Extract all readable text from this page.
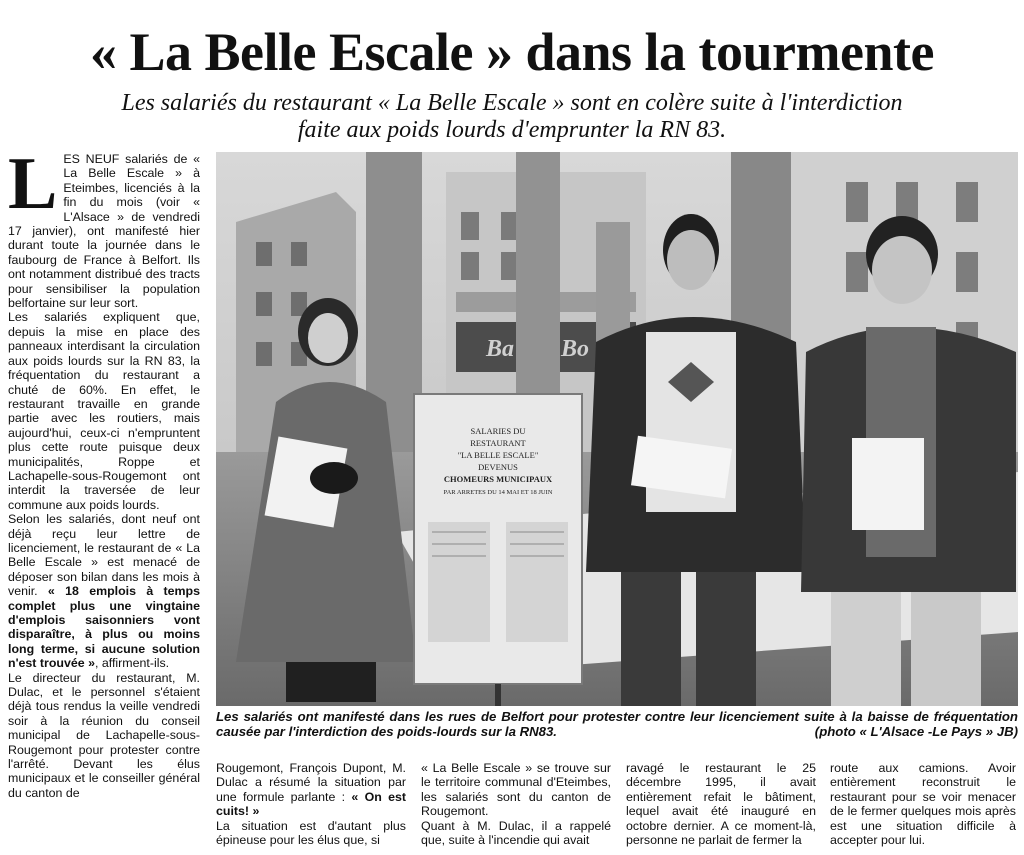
« La Belle Escale » dans la tourmente
Les salariés du restaurant « La Belle Escale » sont en colère suite à l'interdiction
faite aux poids lourds d'emprunter la RN 83.
L ES NEUF salariés de « La Belle Escale » à Eteimbes, licenciés à la fin du mois (voir « L'Alsace » de vendredi 17 janvier), ont manifesté hier durant toute la journée dans le faubourg de France à Belfort. Ils ont notamment distribué des tracts pour sensibiliser la population belfortaine sur leur sort.

Les salariés expliquent que, depuis la mise en place des panneaux interdisant la circulation aux poids lourds sur la RN 83, la fréquentation du restaurant a chuté de 60%. En effet, le restaurant travaille en grande partie avec les routiers, mais aujourd'hui, ceux-ci n'empruntent plus cette route puisque deux municipalités, Roppe et Lachapelle-sous-Rougemont ont interdit la traversée de leur commune aux poids lourds.

Selon les salariés, dont neuf ont déjà reçu leur lettre de licenciement, le restaurant de « La Belle Escale » est menacé de déposer son bilan dans les mois à venir. « 18 emplois à temps complet plus une vingtaine d'emplois saisonniers vont disparaître, à plus ou moins long terme, si aucune solution n'est trouvée », affirment-ils.

Le directeur du restaurant, M. Dulac, et le personnel s'étaient déjà tous rendus la veille vendredi soir à la réunion du conseil municipal de Lachapelle-sous-Rougemont pour protester contre l'arrêté. Devant les élus municipaux et le conseiller général du canton de

Ba Bo
SALARIES DU
RESTAURANT
"LA BELLE ESCALE"
DEVENUS
CHOMEURS MUNICIPAUX
PAR ARRETES DU 14 MAI ET 18 JUIN
Les salariés ont manifesté dans les rues de Belfort pour protester contre leur licenciement suite à la baisse de fréquentation causée par l'interdiction des poids-lourds sur la RN83.	(photo « L'Alsace -Le Pays » JB)

Rougemont, François Dupont, M. Dulac a résumé la situation par une formule parlante : « On est cuits! »

La situation est d'autant plus épineuse pour les élus que, si

« La Belle Escale » se trouve sur le territoire communal d'Eteimbes, les salariés sont du canton de Rougemont.

Quant à M. Dulac, il a rappelé que, suite à l'incendie qui avait

ravagé le restaurant le 25 décembre 1995, il avait entièrement refait le bâtiment, lequel avait été inauguré en octobre dernier. A ce moment-là, personne ne parlait de fermer la

route aux camions. Avoir entièrement reconstruit le restaurant pour se voir menacer de le fermer quelques mois après est une situation difficile à accepter pour lui.
